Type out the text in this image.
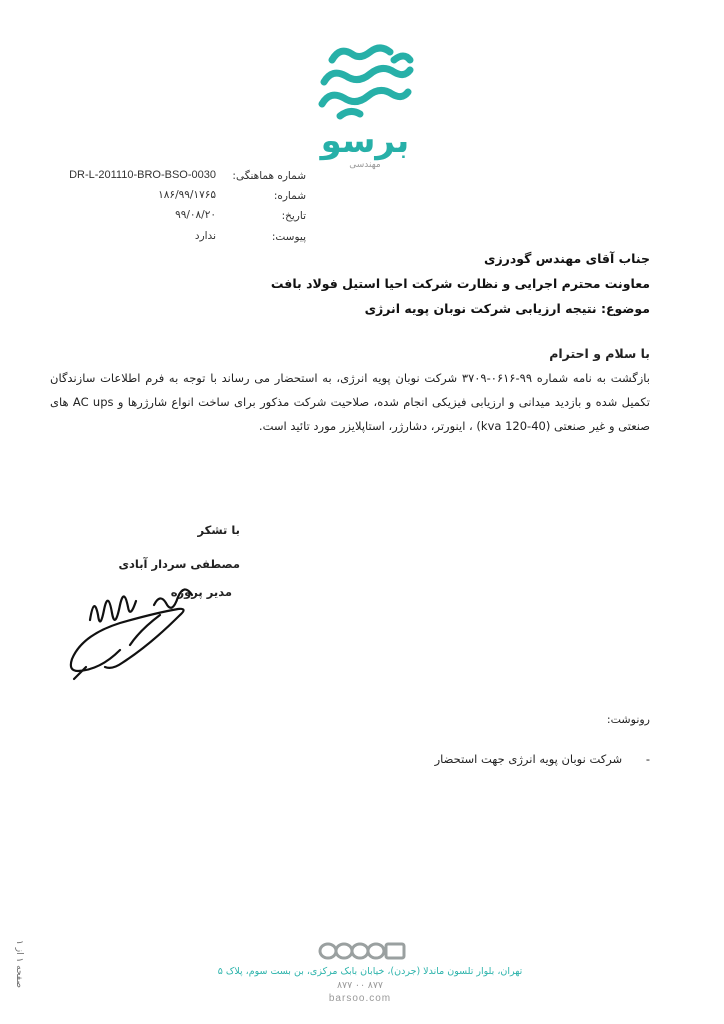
برسو
مهندسی
شماره هماهنگی:
DR-L-201110-BRO-BSO-0030
شماره:
۱۸۶/۹۹/۱۷۶۵
تاریخ:
۹۹/۰۸/۲۰
پیوست:
ندارد
جناب آقای مهندس گودرزی
معاونت محترم اجرایی و نظارت شرکت احیا استیل فولاد بافت
موضوع: نتیجه ارزیابی شرکت نوبان پویه انرژی
با سلام و احترام
بازگشت به نامه شماره ۹۹-۰۶۱۶-۳۷۰۹ شرکت نوبان پویه انرژی، به استحضار می رساند با توجه به فرم اطلاعات سازندگان تکمیل شده و بازدید میدانی و ارزیابی فیزیکی انجام شده، صلاحیت شرکت مذکور برای ساخت انواع شارژرها و AC ups های صنعتی و غیر صنعتی (40-120 kva) ، اینورتر، دشارژر، استاپلایزر مورد تائید است.
با تشکر
مصطفی سردار آبادی
مدیر پروژه
رونوشت:
- شرکت نوبان پویه انرژی جهت استحضار
تهران، بلوار تلسون ماندلا (جردن)، خیابان بابک مرکزی، بن بست سوم، پلاک ۵
۸۷۷ ۰۰ ۸۷۷
barsoo.com
صفحه ۱ از ۱
